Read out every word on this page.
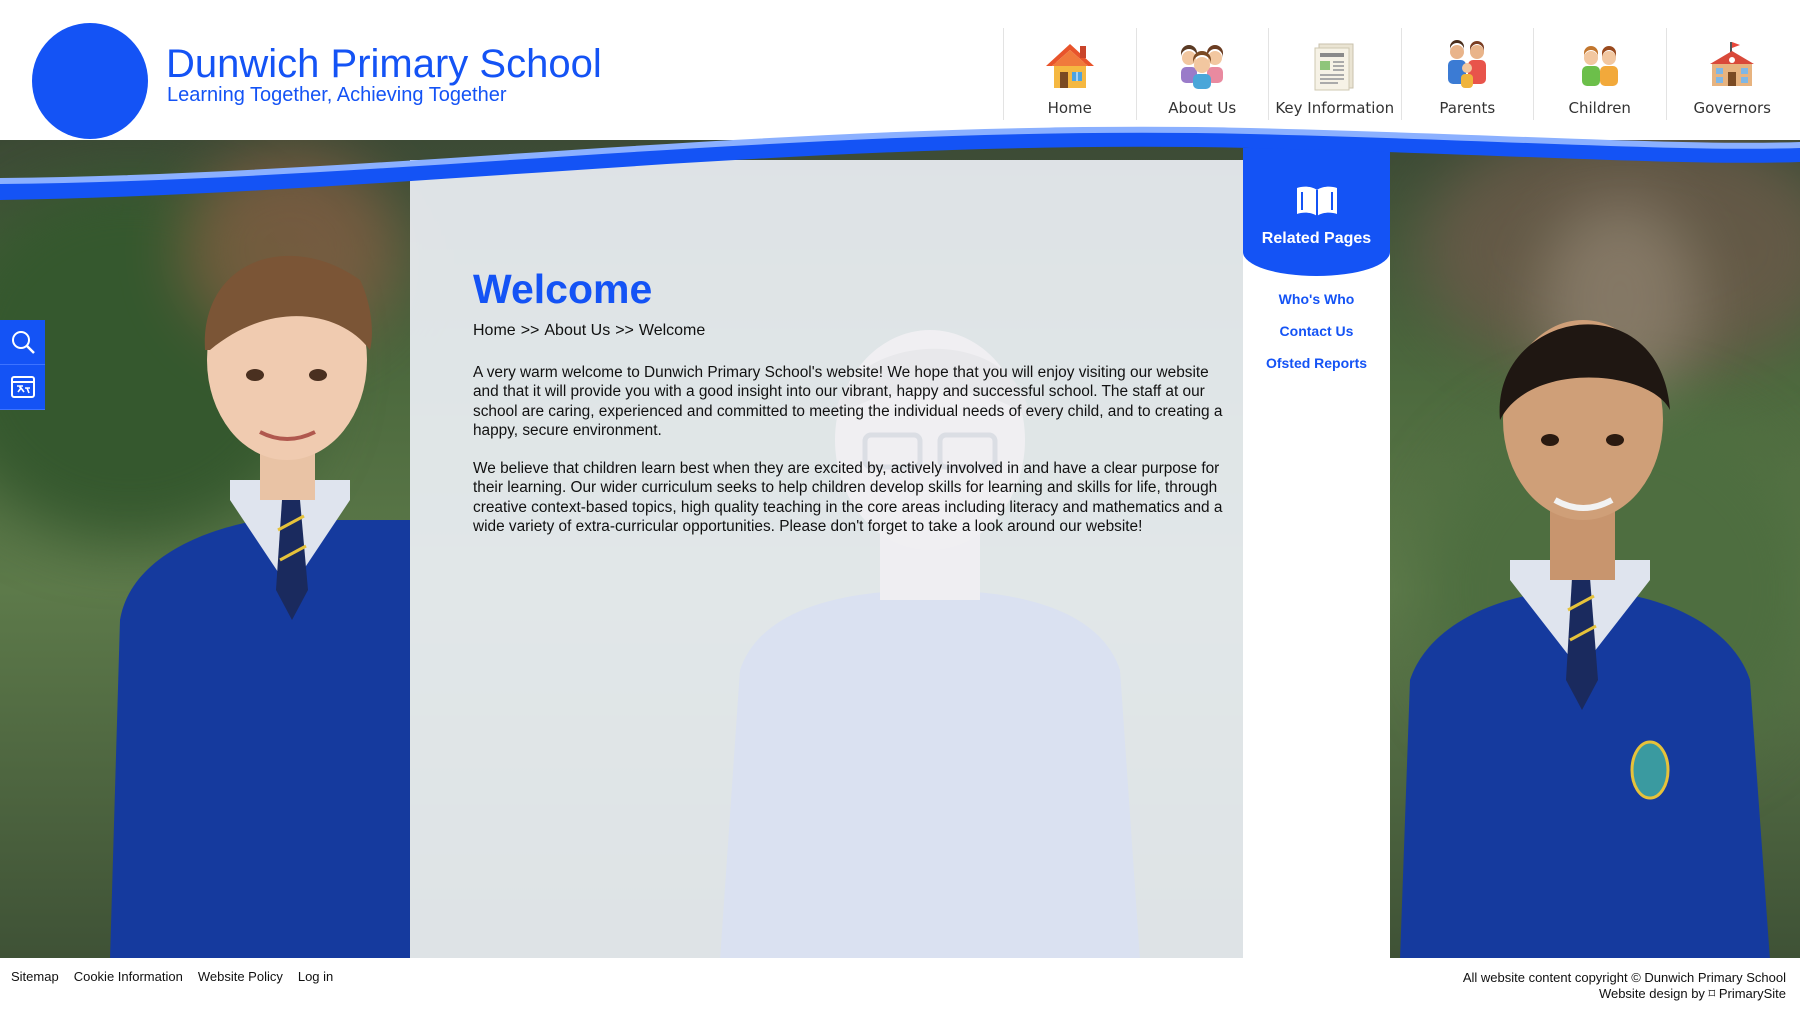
Dunwich Primary School
Learning Together, Achieving Together
Home	About Us	Key Information	Parents	Children	Governors
Welcome
Home >> About Us >> Welcome

A very warm welcome to Dunwich Primary School's website! We hope that you will enjoy visiting our website and that it will provide you with a good insight into our vibrant, happy and successful school. The staff at our school are caring, experienced and committed to meeting the individual needs of every child, and to creating a happy, secure environment.

We believe that children learn best when they are excited by, actively involved in and have a clear purpose for their learning. Our wider curriculum seeks to help children develop skills for learning and skills for life, through creative context-based topics, high quality teaching in the core areas including literacy and mathematics and a wide variety of extra-curricular opportunities. Please don't forget to take a look around our website!

Related Pages
Who's Who
Contact Us
Ofsted Reports
Sitemap Cookie Information Website Policy Log in	All website content copyright © Dunwich Primary School
Website design by ⌑ PrimarySite
